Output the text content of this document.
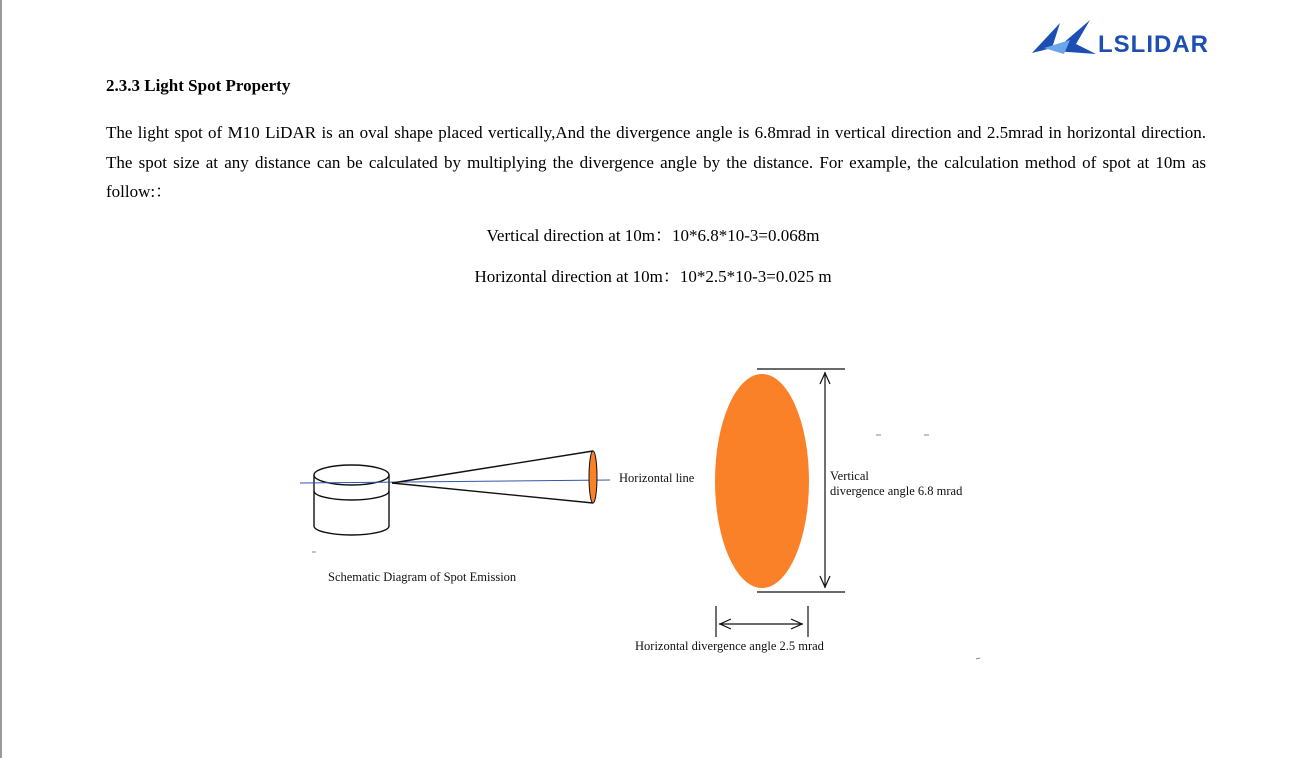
LSLIDAR
2.3.3 Light Spot Property

The light spot of M10 LiDAR is an oval shape placed vertically,And the divergence angle is 6.8mrad in vertical direction and 2.5mrad in horizontal direction. The spot size at any distance can be calculated by multiplying the divergence angle by the distance. For example, the calculation method of spot at 10m as follow:：

Vertical direction at 10m：10*6.8*10-3=0.068m

Horizontal direction at 10m：10*2.5*10-3=0.025 m

Horizontal line
Schematic Diagram of Spot Emission
Vertical
divergence angle 6.8 mrad
Horizontal divergence angle 2.5 mrad
